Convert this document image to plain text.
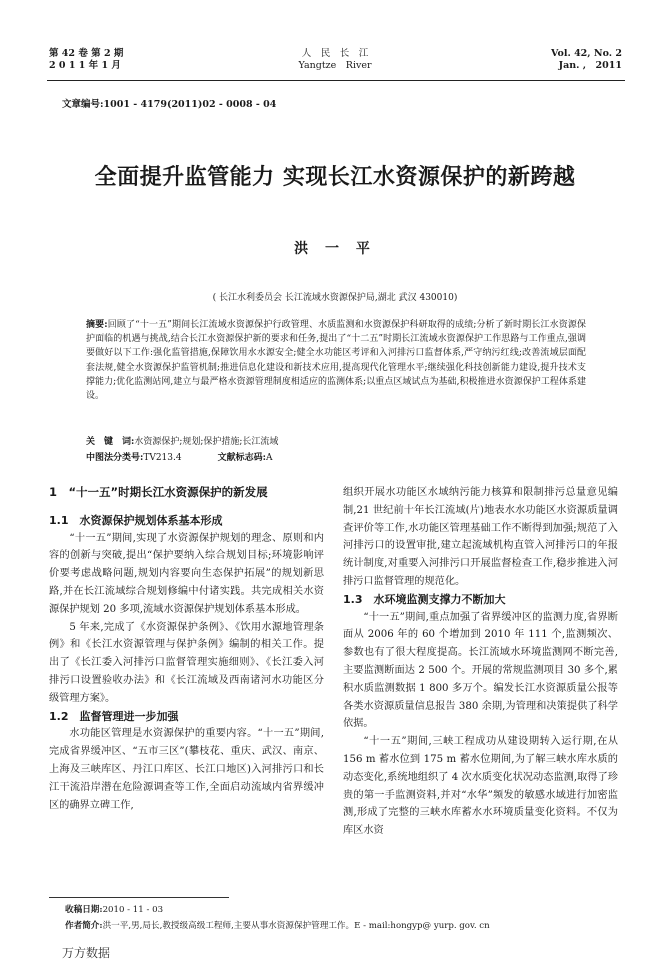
第 42 卷 第 2 期
2 0 1 1 年 1 月
人　民　长　江
Yangtze　River
Vol. 42, No. 2
Jan. ,　2011
文章编号:1001 - 4179(2011)02 - 0008 - 04
全面提升监管能力 实现长江水资源保护的新跨越
洪 一 平
( 长江水利委员会 长江流域水资源保护局,湖北 武汉 430010)
摘要:回顾了“十一五”期间长江流域水资源保护行政管理、水质监测和水资源保护科研取得的成绩;分析了新时期长江水资源保护面临的机遇与挑战,结合长江水资源保护新的要求和任务,提出了“十二五”时期长江流域水资源保护工作思路与工作重点,强调要做好以下工作:强化监管措施,保障饮用水水源安全;健全水功能区考评和入河排污口监督体系,严守纳污红线;改善流域层面配套法规,健全水资源保护监管机制;推进信息化建设和新技术应用,提高现代化管理水平;继续强化科技创新能力建设,提升技术支撑能力;优化监测站网,建立与最严格水资源管理制度相适应的监测体系;以重点区域试点为基础,积极推进水资源保护工程体系建设。
关　键　词:水资源保护;规划;保护措施;长江流域
中图法分类号:TV213.4	文献标志码:A

1　“十一五”时期长江水资源保护的新发展

1.1　水资源保护规划体系基本形成

“十一五”期间,实现了水资源保护规划的理念、原则和内容的创新与突破,提出“保护要纳入综合规划目标;环境影响评价要考虑战略问题,规划内容要向生态保护拓展”的规划新思路,并在长江流域综合规划修编中付诸实践。共完成相关水资源保护规划 20 多项,流域水资源保护规划体系基本形成。

5 年来,完成了《水资源保护条例》、《饮用水源地管理条例》和《长江水资源管理与保护条例》编制的相关工作。提出了《长江委入河排污口监督管理实施细则》、《长江委入河排污口设置验收办法》和《长江流域及西南诸河水功能区分级管理方案》。

1.2　监督管理进一步加强

水功能区管理是水资源保护的重要内容。“十一五”期间,完成省界缓冲区、“五市三区”(攀枝花、重庆、武汉、南京、上海及三峡库区、丹江口库区、长江口地区)入河排污口和长江干流沿岸潜在危险源调查等工作,全面启动流域内省界缓冲区的确界立碑工作,

组织开展水功能区水域纳污能力核算和限制排污总量意见编制,21 世纪前十年长江流域(片)地表水水功能区水资源质量调查评价等工作,水功能区管理基础工作不断得到加强;规范了入河排污口的设置审批,建立起流域机构直管入河排污口的年报统计制度,对重要入河排污口开展监督检查工作,稳步推进入河排污口监督管理的规范化。

1.3　水环境监测支撑力不断加大

“十一五”期间,重点加强了省界缓冲区的监测力度,省界断面从 2006 年的 60 个增加到 2010 年 111 个,监测频次、参数也有了很大程度提高。长江流域水环境监测网不断完善,主要监测断面达 2 500 个。开展的常规监测项目 30 多个,累积水质监测数据 1 800 多万个。编发长江水资源质量公报等各类水资源质量信息报告 380 余期,为管理和决策提供了科学依据。

“十一五”期间,三峡工程成功从建设期转入运行期,在从 156 m 蓄水位到 175 m 蓄水位期间,为了解三峡水库水质的动态变化,系统地组织了 4 次水质变化状况动态监测,取得了珍贵的第一手监测资料,并对“水华”频发的敏感水域进行加密监测,形成了完整的三峡水库蓄水水环境质量变化资料。不仅为库区水资

收稿日期:2010 - 11 - 03
作者简介:洪一平,男,局长,教授级高级工程师,主要从事水资源保护管理工作。E - mail:hongyp@ yurp. gov. cn
万方数据
